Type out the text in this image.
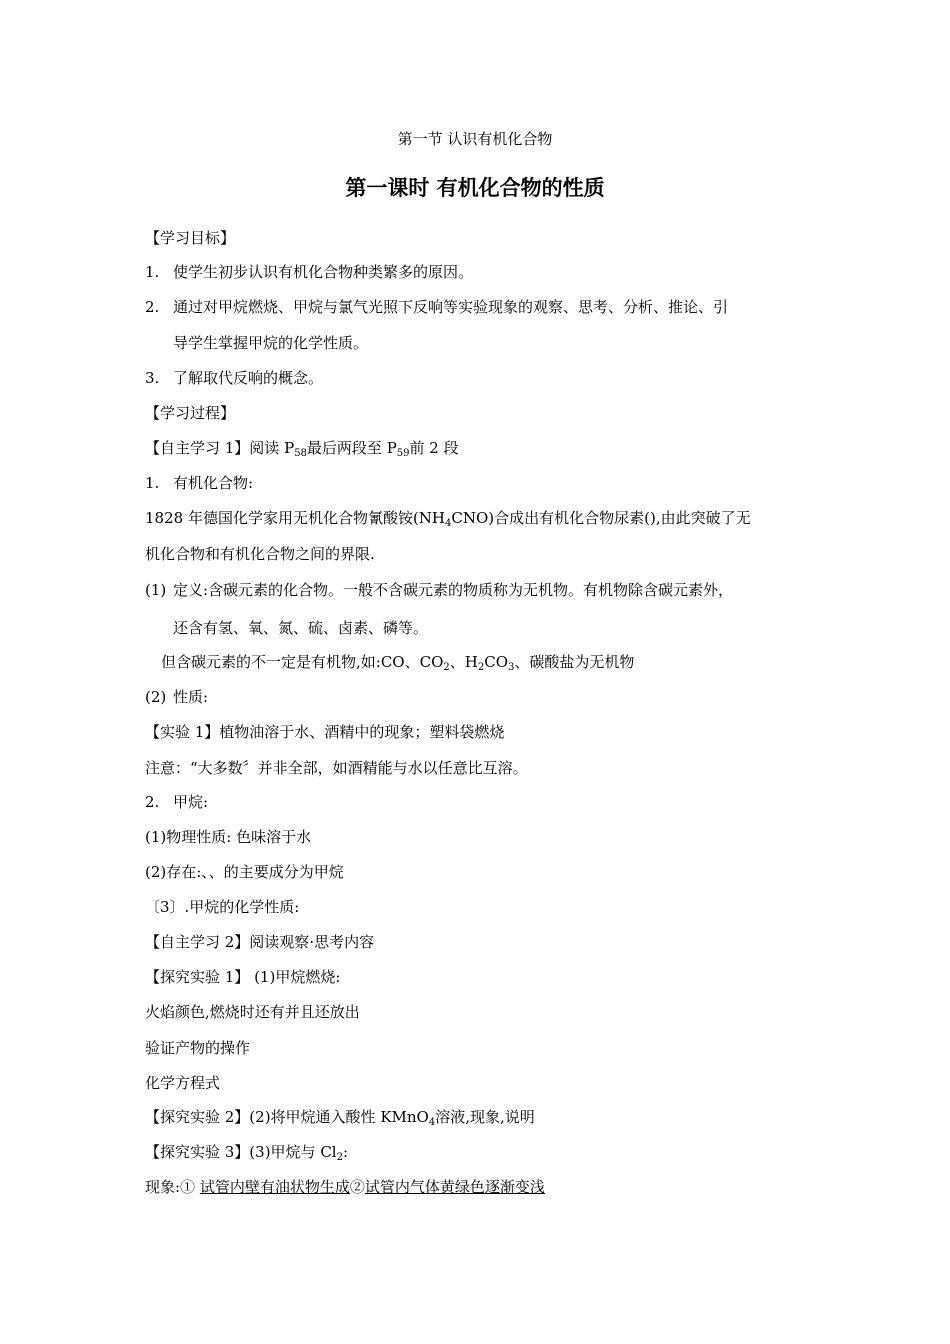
第一节 认识有机化合物
第一课时 有机化合物的性质
【学习目标】
1. 使学生初步认识有机化合物种类繁多的原因。
2. 通过对甲烷燃烧、甲烷与氯气光照下反响等实验现象的观察、思考、分析、推论、引
导学生掌握甲烷的化学性质。
3. 了解取代反响的概念。
【学习过程】
【自主学习 1】阅读 $P_{58}$最后两段至 $P_{59}$前 2 段
1. 有机化合物:
1828 年德国化学家用无机化合物氰酸铵$(NH_4CNO)$合成出有机化合物尿素(),由此突破了无
机化合物和有机化合物之间的界限.
(1) 定义:含碳元素的化合物。一般不含碳元素的物质称为无机物。有机物除含碳元素外，
还含有氢、氧、氮、硫、卤素、磷等。
但含碳元素的不一定是有机物,如:CO、$CO_2$、$H_2CO_3$、碳酸盐为无机物
(2) 性质:
【实验 1】植物油溶于水、酒精中的现象；塑料袋燃烧
注意：“大多数〞并非全部，如酒精能与水以任意比互溶。
2. 甲烷:
(1)物理性质: 色味溶于水
(2)存在:、、的主要成分为甲烷
〔3〕.甲烷的化学性质:
【自主学习 2】阅读观察·思考内容
【探究实验 1】 (1)甲烷燃烧:
火焰颜色,燃烧时还有并且还放出
验证产物的操作
化学方程式
【探究实验 2】(2)将甲烷通入酸性 KMnO$_4$溶液,现象,说明
【探究实验 3】(3)甲烷与 $Cl_2$:
现象:① 试管内壁有油状物生成②试管内气体黄绿色逐渐变浅
